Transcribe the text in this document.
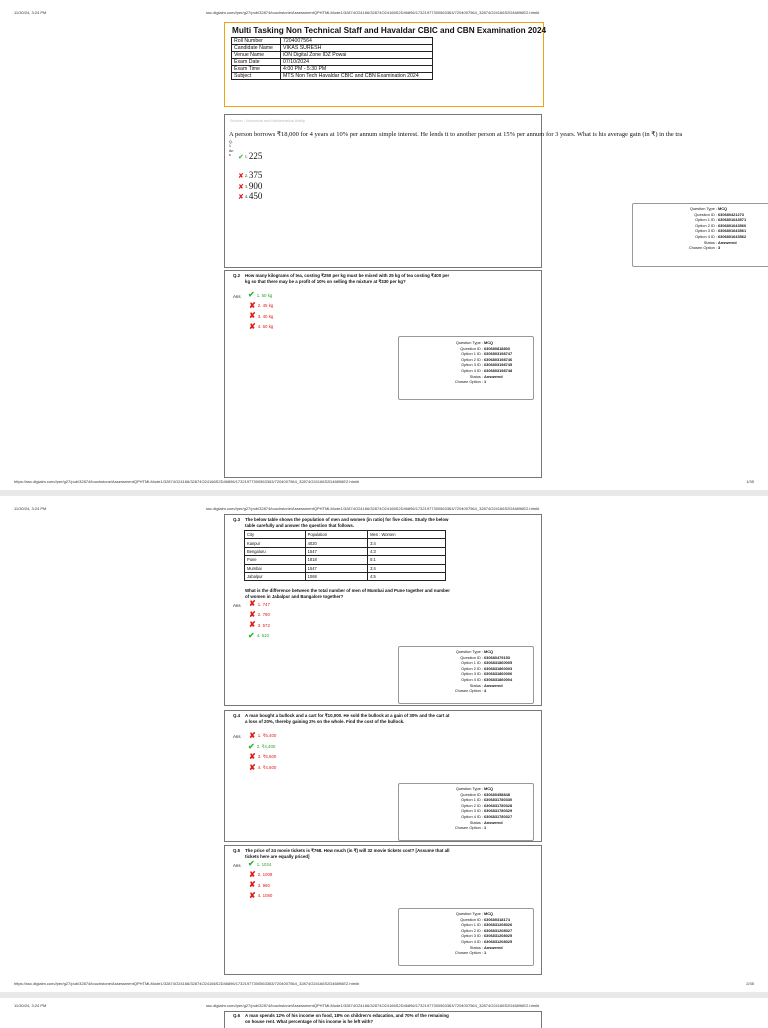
11/30/24, 3:24 PM	ssc.digialm.com//per/g27/pub/32874/touchstone/AssessmentQPHTMLMode1/32874O24166/32874O24166S2D46896/17321977300563363/7204007564_32874O24166S2D46896E2.html#
Multi Tasking Non Technical Staff and Havaldar CBIC and CBN Examination 2024
Roll Number	7204007564
Candidate Name	VIKAS SURESH
Venue Name	iON Digital Zone IDZ Powai
Exam Date	07/10/2024
Exam Time	4:00 PM - 5:30 PM
Subject	MTS Non Tech Havaldar CBIC and CBN Examination 2024
Section : Numerical and Mathematical Ability
A person borrows ₹18,000 for 4 years at 10% per annum simple interest. He lends it to another person at 15% per annum for 3 years. What is his average gain (in ₹) in the tra
Q.1
Ans	✔1.225
✘2.375
✘3.900
✘4.450
Question Type : MCQ
Question ID : 630680421273
Option 1 ID : 6306801643571
Option 2 ID : 6306801643560
Option 3 ID : 6306801643561
Option 4 ID : 6306801643562
Status : Answered
Chosen Option : 3
Q.2 How many kilograms of tea, costing ₹250 per kg must be mixed with 25 kg of tea costing ₹400 per kg so that there may be a profit of 10% on selling the mixture at ₹330 per kg?
Ans ✔ 1. 50 kg
✘ 2. 45 kg
✘ 3. 40 kg
✘ 4. 60 kg
Question Type : MCQ
Question ID : 630680818803
Option 1 ID : 6306803198747
Option 2 ID : 6306803198746
Option 3 ID : 6306803198745
Option 4 ID : 6306803198748
Status : Answered
Chosen Option : 1
https://ssc.digialm.com//per/g27/pub/32874/touchstone/AssessmentQPHTMLMode1/32874O24166/32874O24166S2D46896/17321977300563363/7204007564_32874O24166S2D46896E2.html#	1/35
11/30/24, 3:24 PM	ssc.digialm.com//per/g27/pub/32874/touchstone/AssessmentQPHTMLMode1/32874O24166/32874O24166S2D46896/17321977300563363/7204007564_32874O24166S2D46896E2.html#
Q.3 The below table shows the population of men and women (in ratio) for five cities. Study the below table carefully and answer the question that follows.
What is the difference between the total number of men of Mumbai and Pune together and number of women in Jabalpur and Bangalore together?
Ans ✘ 1. 747
✘ 2. 780
✘ 3. 572
✔ 4. 510
Question Type : MCQ
Question ID : 630680479153
Option 1 ID : 6306831860005
Option 2 ID : 6306831860003
Option 3 ID : 6306831860006
Option 4 ID : 6306831860004
Status : Answered
Chosen Option : 4
Q.4 A man bought a bullock and a cart for ₹10,000. He sold the bullock at a gain of 30% and the cart at a loss of 20%, thereby gaining 2% on the whole. Find the cost of the bullock.
Ans ✘ 1. ₹5,400
✔ 2. ₹4,400
✘ 3. ₹5,600
✘ 4. ₹4,600
Question Type : MCQ
Question ID : 630680458848
Option 1 ID : 6306831780330
Option 2 ID : 6306831780328
Option 3 ID : 6306831780329
Option 4 ID : 6306831780327
Status : Answered
Chosen Option : 1
Q.5 The price of 24 movie tickets is ₹768. How much (in ₹) will 32 movie tickets cost? [Assume that all tickets here are equally priced]
Ans ✔ 1. 1024
✘ 2. 1008
✘ 3. 960
✘ 4. 1080
Question Type : MCQ
Question ID : 630680318174
Option 1 ID : 6306831208026
Option 2 ID : 6306831208027
Option 3 ID : 6306831208025
Option 4 ID : 6306831208025
Status : Answered
Chosen Option : 1
https://ssc.digialm.com//per/g27/pub/32874/touchstone/AssessmentQPHTMLMode1/32874O24166/32874O24166S2D46896/17321977300563363/7204007564_32874O24166S2D46896E2.html#	2/35
City	Population	Men : Women
Kanpur	4020	3:4
Bengaluru	1547	4:3
Pune	1818	5:1
Mumbai	1547	3:4
Jabalpur	1068	4:5
11/30/24, 3:24 PM	ssc.digialm.com//per/g27/pub/32874/touchstone/AssessmentQPHTMLMode1/32874O24166/32874O24166S2D46896/17321977300563363/7204007564_32874O24166S2D46896E2.html#
Q.6 A man spends 12% of his income on food, 18% on children's education, and 70% of the remaining on house rent. What percentage of his income is he left with?
